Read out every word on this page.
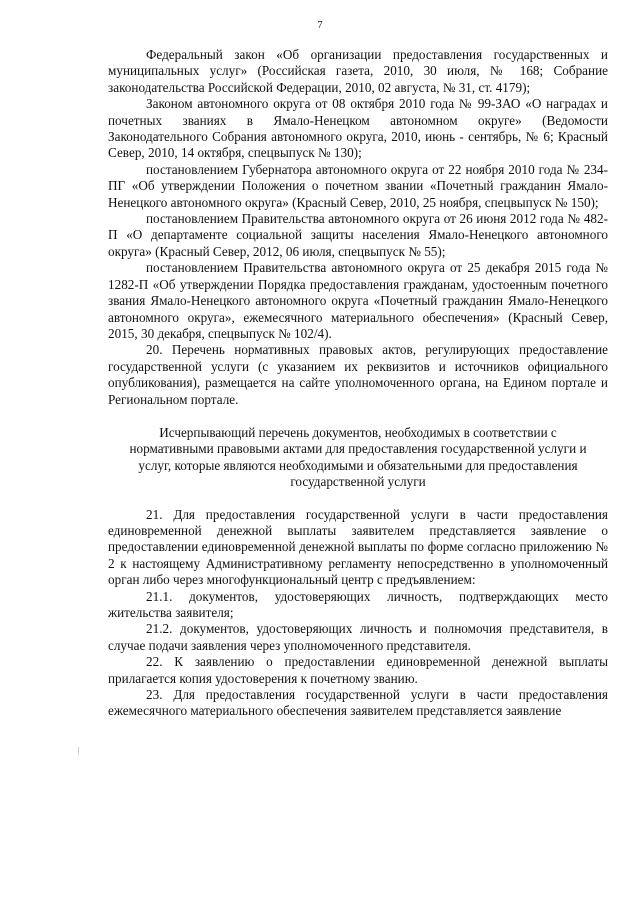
7

Федеральный закон «Об организации предоставления государственных и муниципальных услуг» (Российская газета, 2010, 30 июля, № 168; Собрание законодательства Российской Федерации, 2010, 02 августа, № 31, ст. 4179);

Законом автономного округа от 08 октября 2010 года № 99-ЗАО «О наградах и почетных званиях в Ямало-Ненецком автономном округе» (Ведомости Законодательного Собрания автономного округа, 2010, июнь - сентябрь, № 6; Красный Север, 2010, 14 октября, спецвыпуск № 130);

постановлением Губернатора автономного округа от 22 ноября 2010 года № 234-ПГ «Об утверждении Положения о почетном звании «Почетный гражданин Ямало-Ненецкого автономного округа» (Красный Север, 2010, 25 ноября, спецвыпуск № 150);

постановлением Правительства автономного округа от 26 июня 2012 года № 482-П «О департаменте социальной защиты населения Ямало-Ненецкого автономного округа» (Красный Север, 2012, 06 июля, спецвыпуск № 55);

постановлением Правительства автономного округа от 25 декабря 2015 года № 1282-П «Об утверждении Порядка предоставления гражданам, удостоенным почетного звания Ямало-Ненецкого автономного округа «Почетный гражданин Ямало-Ненецкого автономного округа», ежемесячного материального обеспечения» (Красный Север, 2015, 30 декабря, спецвыпуск № 102/4).

20. Перечень нормативных правовых актов, регулирующих предоставление государственной услуги (с указанием их реквизитов и источников официального опубликования), размещается на сайте уполномоченного органа, на Едином портале и Региональном портале.

Исчерпывающий перечень документов, необходимых в соответствии с нормативными правовыми актами для предоставления государственной услуги и услуг, которые являются необходимыми и обязательными для предоставления государственной услуги

21. Для предоставления государственной услуги в части предоставления единовременной денежной выплаты заявителем представляется заявление о предоставлении единовременной денежной выплаты по форме согласно приложению № 2 к настоящему Административному регламенту непосредственно в уполномоченный орган либо через многофункциональный центр с предъявлением:

21.1. документов, удостоверяющих личность, подтверждающих место жительства заявителя;

21.2. документов, удостоверяющих личность и полномочия представителя, в случае подачи заявления через уполномоченного представителя.

22. К заявлению о предоставлении единовременной денежной выплаты прилагается копия удостоверения к почетному званию.

23. Для предоставления государственной услуги в части предоставления ежемесячного материального обеспечения заявителем представляется заявление
